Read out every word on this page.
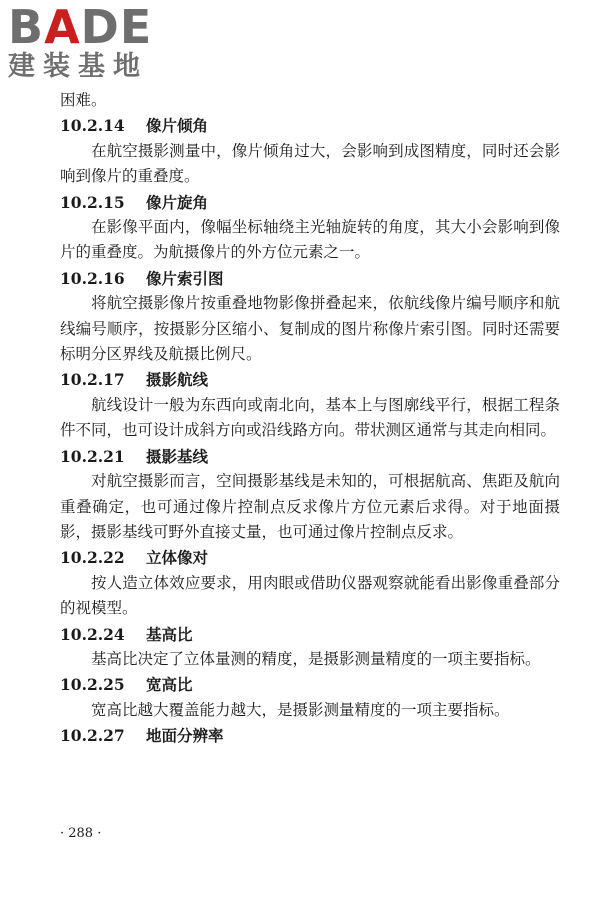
BADE
建装基地

困难。

10.2.14 像片倾角

在航空摄影测量中，像片倾角过大，会影响到成图精度，同时还会影响到像片的重叠度。

10.2.15 像片旋角

在影像平面内，像幅坐标轴绕主光轴旋转的角度，其大小会影响到像片的重叠度。为航摄像片的外方位元素之一。

10.2.16 像片索引图

将航空摄影像片按重叠地物影像拼叠起来，依航线像片编号顺序和航线编号顺序，按摄影分区缩小、复制成的图片称像片索引图。同时还需要标明分区界线及航摄比例尺。

10.2.17 摄影航线

航线设计一般为东西向或南北向，基本上与图廓线平行，根据工程条件不同，也可设计成斜方向或沿线路方向。带状测区通常与其走向相同。

10.2.21 摄影基线

对航空摄影而言，空间摄影基线是未知的，可根据航高、焦距及航向重叠确定，也可通过像片控制点反求像片方位元素后求得。对于地面摄影，摄影基线可野外直接丈量，也可通过像片控制点反求。

10.2.22 立体像对

按人造立体效应要求，用肉眼或借助仪器观察就能看出影像重叠部分的视模型。

10.2.24 基高比

基高比决定了立体量测的精度，是摄影测量精度的一项主要指标。

10.2.25 宽高比

宽高比越大覆盖能力越大，是摄影测量精度的一项主要指标。

10.2.27 地面分辨率

· 288 ·
